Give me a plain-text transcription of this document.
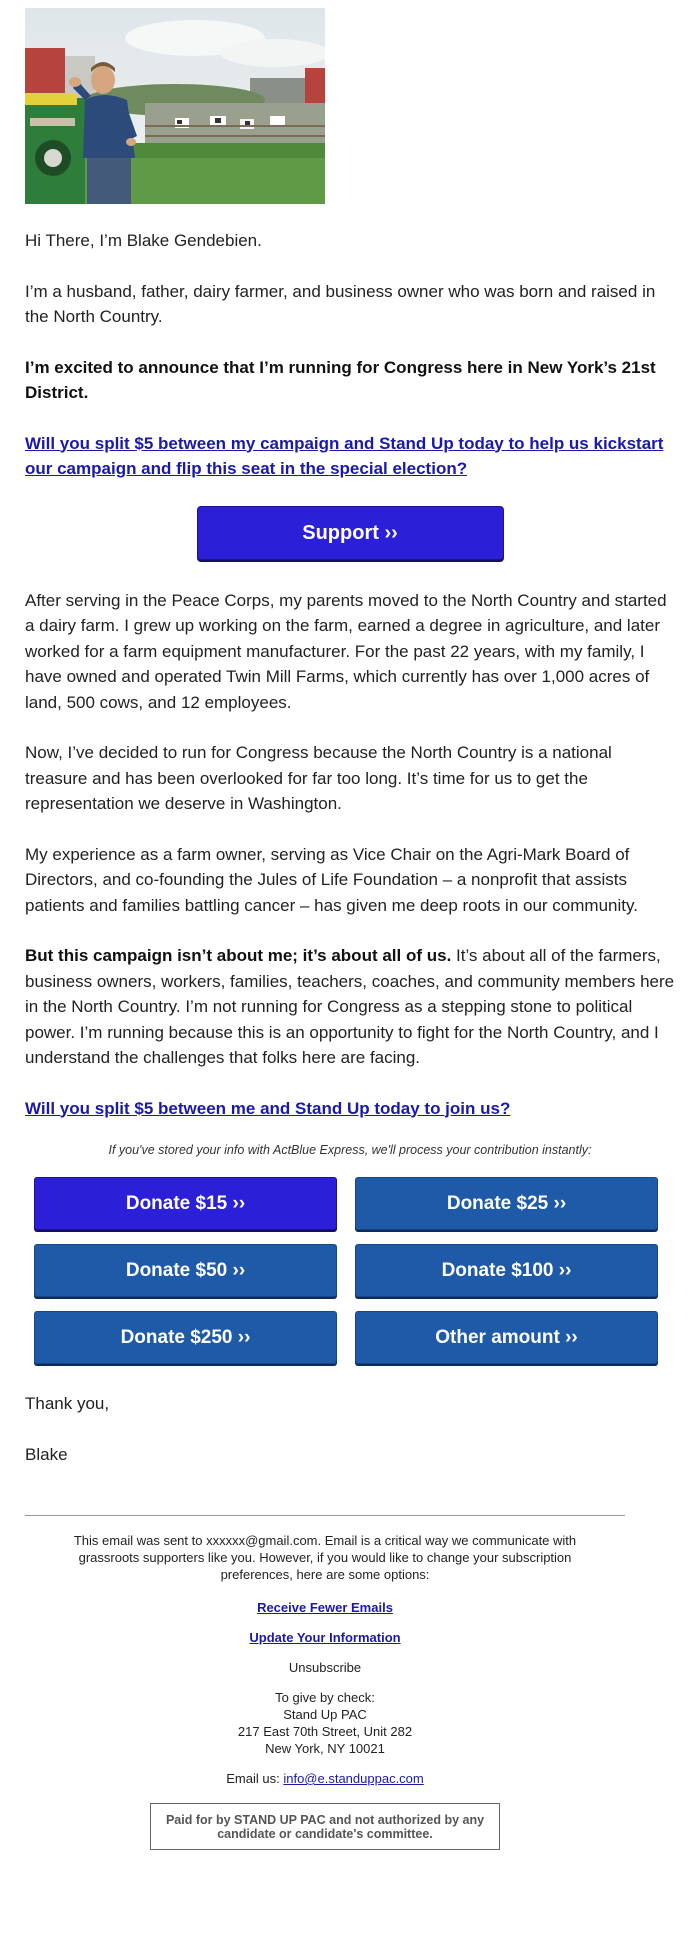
Hi There, I’m Blake Gendebien.

I’m a husband, father, dairy farmer, and business owner who was born and raised in the North Country.

I’m excited to announce that I’m running for Congress here in New York’s 21st District.

Will you split $5 between my campaign and Stand Up today to help us kickstart our campaign and flip this seat in the special election?

Support ››

After serving in the Peace Corps, my parents moved to the North Country and started a dairy farm. I grew up working on the farm, earned a degree in agriculture, and later worked for a farm equipment manufacturer. For the past 22 years, with my family, I have owned and operated Twin Mill Farms, which currently has over 1,000 acres of land, 500 cows, and 12 employees.

Now, I’ve decided to run for Congress because the North Country is a national treasure and has been overlooked for far too long. It’s time for us to get the representation we deserve in Washington.

My experience as a farm owner, serving as Vice Chair on the Agri-Mark Board of Directors, and co-founding the Jules of Life Foundation – a nonprofit that assists patients and families battling cancer – has given me deep roots in our community.

But this campaign isn’t about me; it’s about all of us. It’s about all of the farmers, business owners, workers, families, teachers, coaches, and community members here in the North Country. I’m not running for Congress as a stepping stone to political power. I’m running because this is an opportunity to fight for the North Country, and I understand the challenges that folks here are facing.

Will you split $5 between me and Stand Up today to join us?

If you've stored your info with ActBlue Express, we'll process your contribution instantly:
Donate $15 ››	Donate $25 ››
Donate $50 ››	Donate $100 ››
Donate $250 ››	Other amount ››

Thank you,

Blake

This email was sent to xxxxxx@gmail.com. Email is a critical way we communicate with grassroots supporters like you. However, if you would like to change your subscription preferences, here are some options:
Receive Fewer Emails
Update Your Information
Unsubscribe
To give by check:
Stand Up PAC
217 East 70th Street, Unit 282
New York, NY 10021
Email us: info@e.standuppac.com
Paid for by STAND UP PAC and not authorized by any candidate or candidate's committee.
